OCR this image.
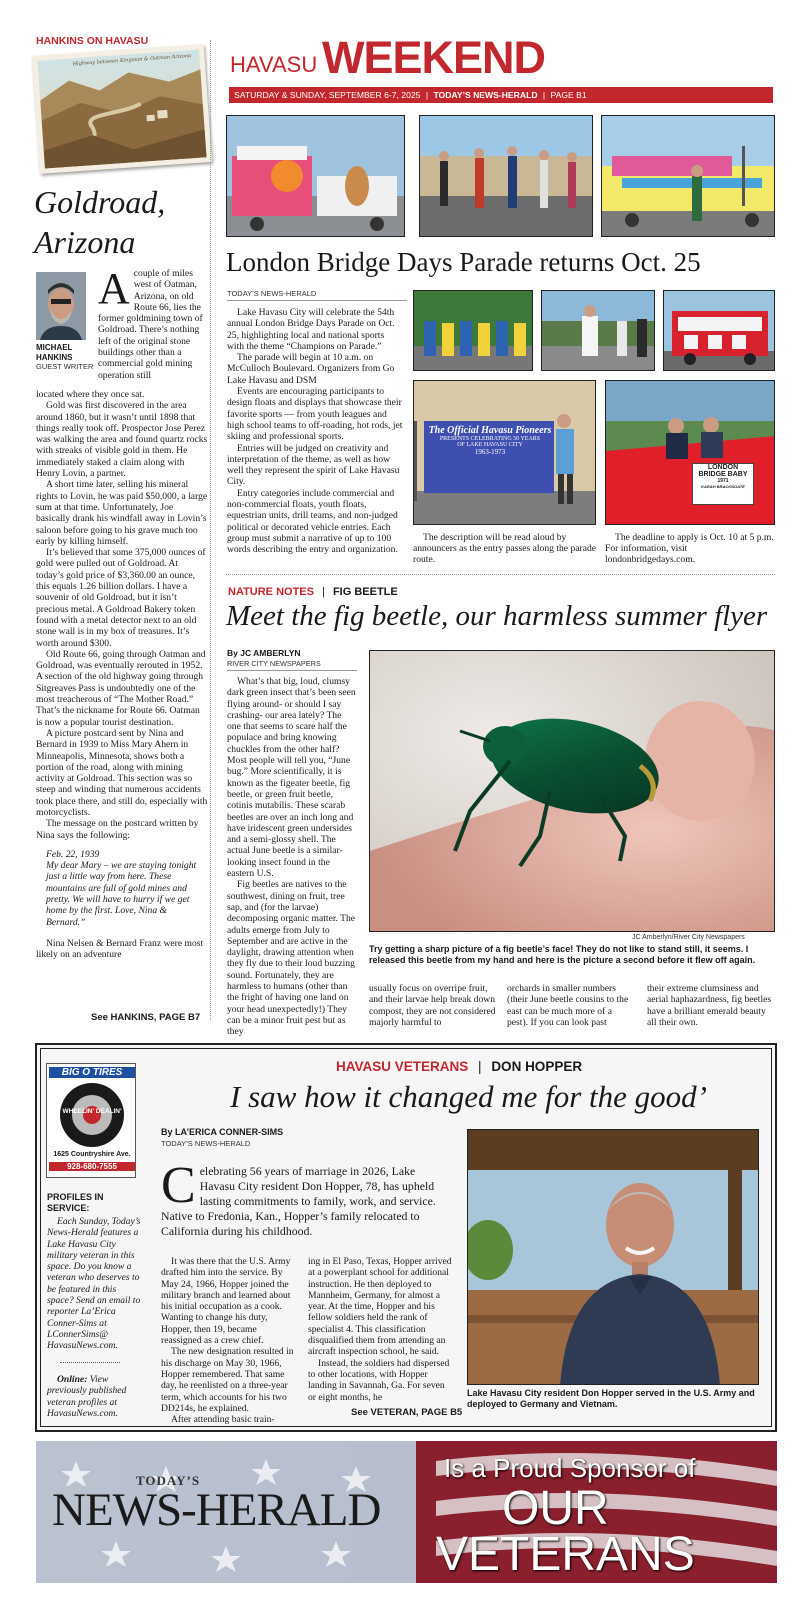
HANKINS ON HAVASU
Highway between Kingman & Oatman Arizona
Goldroad,
Arizona
MICHAEL
HANKINS
GUEST WRITER
Acouple of miles west of Oatman, Arizona, on old Route 66, lies the former goldmining town of Goldroad. There’s nothing left of the original stone buildings other than a commercial gold mining operation still
located where they once sat.

Gold was first discovered in the area around 1860, but it wasn’t until 1898 that things really took off. Prospector Jose Perez was walking the area and found quartz rocks with streaks of visible gold in them. He immediately staked a claim along with Henry Lovin, a partner.

A short time later, selling his mineral rights to Lovin, he was paid $50,000, a large sum at that time. Unfortunately, Joe basically drank his windfall away in Lovin’s saloon before going to his grave much too early by killing himself.

It’s believed that some 375,000 ounces of gold were pulled out of Goldroad. At today’s gold price of $3,360.00 an ounce, this equals 1.26 billion dollars. I have a souvenir of old Goldroad, but it isn’t precious metal. A Goldroad Bakery token found with a metal detector next to an old stone wall is in my box of treasures. It’s worth around $300.

Old Route 66, going through Oatman and Goldroad, was eventually rerouted in 1952. A section of the old highway going through Sitgreaves Pass is undoubtedly one of the most treacherous of “The Mother Road.” That’s the nickname for Route 66. Oatman is now a popular tourist destination.

A picture postcard sent by Nina and Bernard in 1939 to Miss Mary Ahern in Minneapolis, Minnesota, shows both a portion of the road, along with mining activity at Goldroad. This section was so steep and winding that numerous accidents took place there, and still do, especially with motorcyclists.

The message on the postcard written by Nina says the following:

Feb. 22, 1939
My dear Mary – we are staying tonight just a little way from here. These mountains are full of gold mines and pretty. We will have to hurry if we get home by the first. Love, Nina & Bernard.”

Nina Nelsen & Bernard Franz were most likely on an adventure

See HANKINS, PAGE B7
HAVASU WEEKEND
SATURDAY & SUNDAY, SEPTEMBER 6-7, 2025 | TODAY’S NEWS-HERALD | PAGE B1
London Bridge Days Parade returns Oct. 25
TODAY’S NEWS-HERALD

Lake Havasu City will celebrate the 54th annual London Bridge Days Parade on Oct. 25, highlighting local and national sports with the theme “Champions on Parade.”

The parade will begin at 10 a.m. on McCulloch Boulevard. Organizers from Go Lake Havasu and DSM

Events are encouraging participants to design floats and displays that showcase their favorite sports — from youth leagues and high school teams to off-roading, hot rods, jet skiing and professional sports.

Entries will be judged on creativity and interpretation of the theme, as well as how well they represent the spirit of Lake Havasu City.

Entry categories include commercial and non-commercial floats, youth floats, equestrian units, drill teams, and non-judged political or decorated vehicle entries. Each group must submit a narrative of up to 100 words describing the entry and organization.

The Official Havasu Pioneers
PRESENTS CELEBRATING 50 YEARS
OF LAKE HAVASU CITY
1963-1973
LONDON
BRIDGE BABY
1971
KARAH BRACKNOATE
The description will be read aloud by announcers as the entry passes along the parade route.
The deadline to apply is Oct. 10 at 5 p.m. For information, visit londonbridgedays.com.
NATURE NOTES | FIG BEETLE
Meet the fig beetle, our harmless summer flyer
By JC AMBERLYN
RIVER CITY NEWSPAPERS

What’s that big, loud, clumsy dark green insect that’s been seen flying around- or should I say crashing- our area lately? The one that seems to scare half the populace and bring knowing chuckles from the other half? Most people will tell you, “June bug.” More scientifically, it is known as the figeater beetle, fig beetle, or green fruit beetle, cotinis mutabilis. These scarab beetles are over an inch long and have iridescent green undersides and a semi-glossy shell. The actual June beetle is a similar-looking insect found in the eastern U.S.

Fig beetles are natives to the southwest, dining on fruit, tree sap, and (for the larvae) decomposing organic matter. The adults emerge from July to September and are active in the daylight, drawing attention when they fly due to their loud buzzing sound. Fortunately, they are harmless to humans (other than the fright of having one land on your head unexpectedly!) They can be a minor fruit pest but as they

JC Amberlyn/River City Newspapers
Try getting a sharp picture of a fig beetle’s face! They do not like to stand still, it seems. I released this beetle from my hand and here is the picture a second before it flew off again.
usually focus on overripe fruit, and their larvae help break down compost, they are not considered majorly harmful to
orchards in smaller numbers (their June beetle cousins to the east can be much more of a pest). If you can look past
their extreme clumsiness and aerial haphazardness, fig beetles have a brilliant emerald beauty all their own.
HAVASU VETERANS | DON HOPPER
I saw how it changed me for the good’
BIG O TIRES
WHEELIN' DEALIN'
1625 Countryshire Ave.
928-680-7555
PROFILES IN SERVICE:
Each Sunday, Today’s News-Herald features a Lake Havasu City military veteran in this space. Do you know a veteran who deserves to be featured in this space? Send an email to reporter La’Ericа Conner-Sims at LConnerSims@ HavasuNews.com.
Online: View previously published veteran profiles at HavasuNews.com.
By LA’ERICA CONNER-SIMS
TODAY’S NEWS-HERALD
Celebrating 56 years of marriage in 2026, Lake Havasu City resident Don Hopper, 78, has upheld lasting commitments to family, work, and service. Native to Fredonia, Kan., Hopper’s family relocated to California during his childhood.

It was there that the U.S. Army drafted him into the service. By May 24, 1966, Hopper joined the military branch and learned about his initial occupation as a cook. Wanting to change his duty, Hopper, then 19, became reassigned as a crew chief.

The new designation resulted in his discharge on May 30, 1966, Hopper remembered. That same day, he reenlisted on a three-year term, which accounts for his two DD214s, he explained.

After attending basic train-

ing in El Paso, Texas, Hopper arrived at a powerplant school for additional instruction. He then deployed to Mannheim, Germany, for almost a year. At the time, Hopper and his fellow soldiers held the rank of specialist 4. This classification disqualified them from attending an aircraft inspection school, he said.

Instead, the soldiers had dispersed to other locations, with Hopper landing in Savannah, Ga. For seven or eight months, he

See VETERAN, PAGE B5
Lake Havasu City resident Don Hopper served in the U.S. Army and deployed to Germany and Vietnam.
TODAY’S
NEWS-HERALD
Is a Proud Sponsor of
OUR
VETERANS
